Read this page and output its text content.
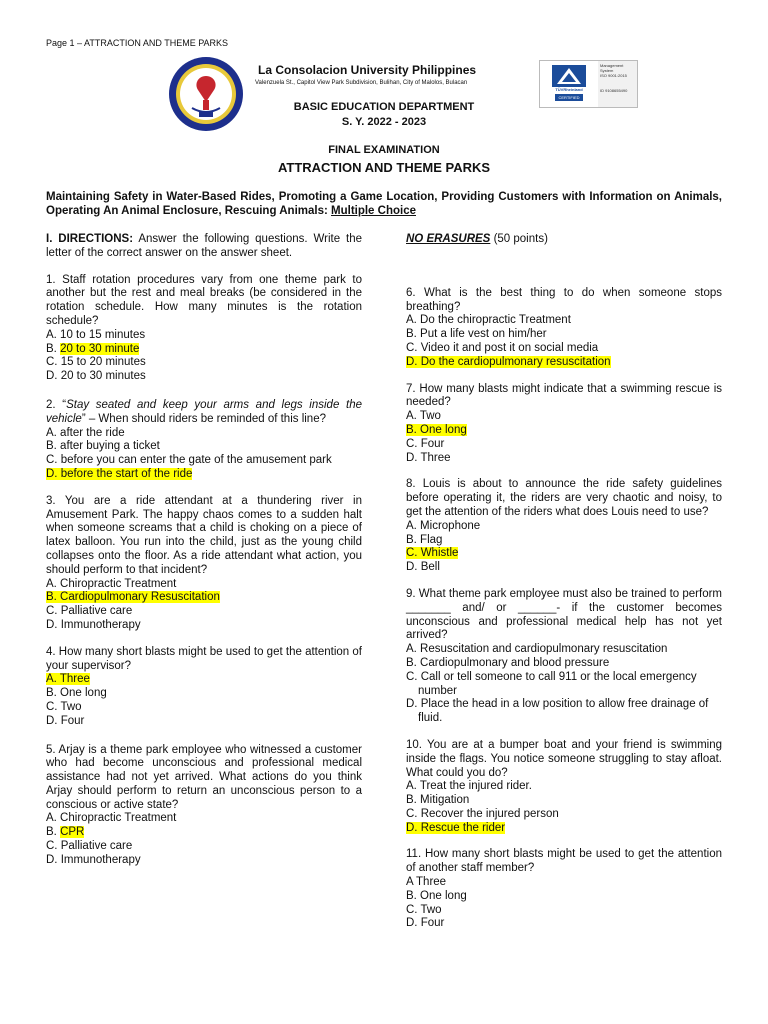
Page 1 – ATTRACTION AND THEME PARKS
TÜVRheinland
CERTIFIED
Management
System
ISO 9001:2015
ID 9108655490
La Consolacion University Philippines
Valenzuela St., Capitol View Park Subdivision, Bulihan, City of Malolos, Bulacan
BASIC EDUCATION DEPARTMENT
S. Y. 2022 - 2023
FINAL EXAMINATION
ATTRACTION AND THEME PARKS
Maintaining Safety in Water-Based Rides, Promoting a Game Location, Providing Customers with Information on Animals, Operating An Animal Enclosure, Rescuing Animals: Multiple Choice

I. DIRECTIONS: Answer the following questions. Write the letter of the correct answer on the answer sheet.

1. Staff rotation procedures vary from one theme park to another but the rest and meal breaks (be considered in the rotation schedule. How many minutes is the rotation schedule?

A. 10 to 15 minutes
B. 20 to 30 minute
C. 15 to 20 minutes
D. 20 to 30 minutes

2. “Stay seated and keep your arms and legs inside the vehicle” – When should riders be reminded of this line?

A. after the ride
B. after buying a ticket
C. before you can enter the gate of the amusement park
D. before the start of the ride

3. You are a ride attendant at a thundering river in Amusement Park. The happy chaos comes to a sudden halt when someone screams that a child is choking on a piece of latex balloon. You run into the child, just as the young child collapses onto the floor. As a ride attendant what action, you should perform to that incident?

A. Chiropractic Treatment
B. Cardiopulmonary Resuscitation
C. Palliative care
D. Immunotherapy

4. How many short blasts might be used to get the attention of your supervisor?

A. Three
B. One long
C. Two
D. Four

5. Arjay is a theme park employee who witnessed a customer who had become unconscious and professional medical assistance had not yet arrived. What actions do you think Arjay should perform to return an unconscious person to a conscious or active state?

A. Chiropractic Treatment
B. CPR
C. Palliative care
D. Immunotherapy
NO ERASURES (50 points)

6. What is the best thing to do when someone stops breathing?

A. Do the chiropractic Treatment
B. Put a life vest on him/her
C. Video it and post it on social media
D. Do the cardiopulmonary resuscitation

7. How many blasts might indicate that a swimming rescue is needed?

A. Two
B. One long
C. Four
D. Three

8. Louis is about to announce the ride safety guidelines before operating it, the riders are very chaotic and noisy, to get the attention of the riders what does Louis need to use?

A. Microphone
B. Flag
C. Whistle
D. Bell

9. What theme park employee must also be trained to perform _______ and/ or ______- if the customer becomes unconscious and professional medical help has not yet arrived?

A. Resuscitation and cardiopulmonary resuscitation
B. Cardiopulmonary and blood pressure
C. Call or tell someone to call 911 or the local emergency number
D. Place the head in a low position to allow free drainage of fluid.

10. You are at a bumper boat and your friend is swimming inside the flags. You notice someone struggling to stay afloat. What could you do?

A. Treat the injured rider.
B. Mitigation
C. Recover the injured person
D. Rescue the rider

11. How many short blasts might be used to get the attention of another staff member?

A Three
B. One long
C. Two
D. Four
